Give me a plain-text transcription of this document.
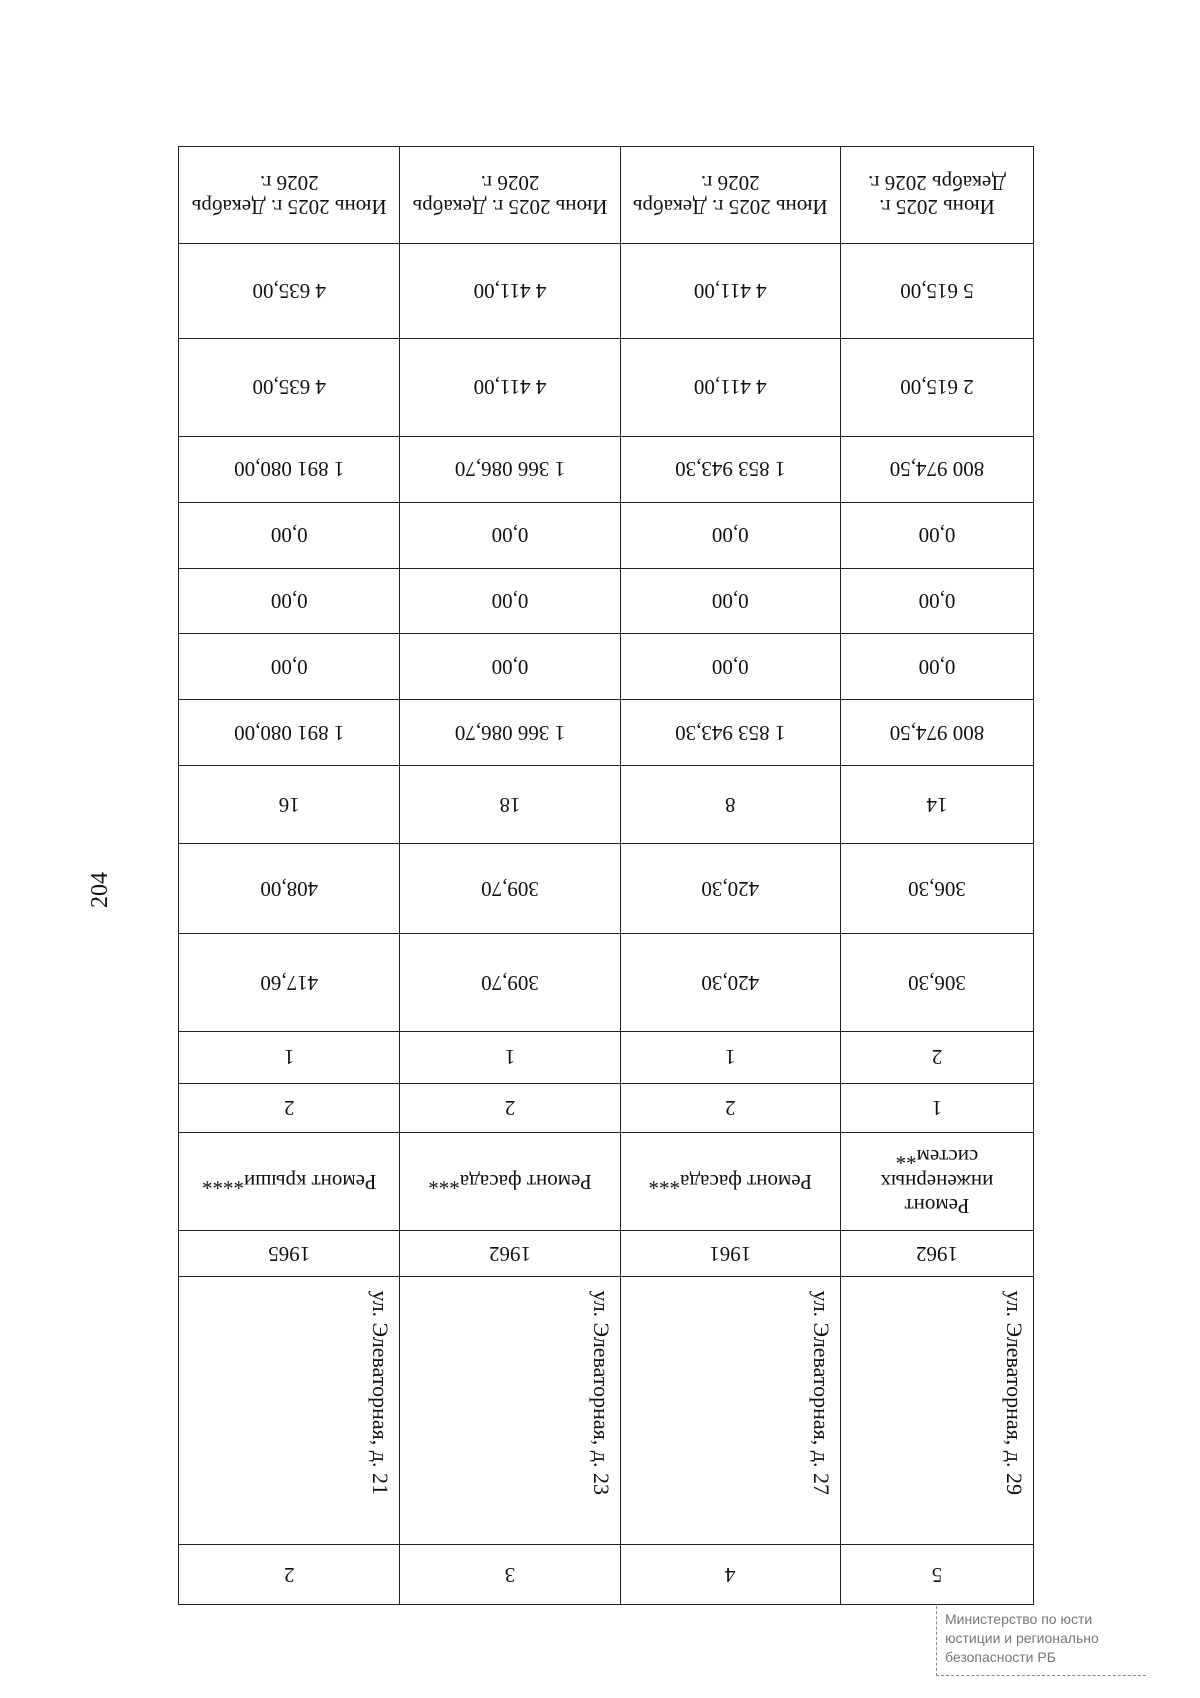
204
5	4	3	2
ул. Элеваторная, д. 29	ул. Элеваторная, д. 27	ул. Элеваторная, д. 23	ул. Элеваторная, д. 21
1962	1961	1962	1965
Ремонт инженерных систем**	Ремонт фасада***	Ремонт фасада***	Ремонт крыши****
1	2	2	2
2	1	1	1
306,30	420,30	309,70	417,60
306,30	420,30	309,70	408,00
14	8	18	16
800 974,50	1 853 943,30	1 366 086,70	1 891 080,00
0,00	0,00	0,00	0,00
0,00	0,00	0,00	0,00
0,00	0,00	0,00	0,00
800 974,50	1 853 943,30	1 366 086,70	1 891 080,00
2 615,00	4 411,00	4 411,00	4 635,00
5 615,00	4 411,00	4 411,00	4 635,00
Июнь 2025 г. Декабрь 2026 г.	Июнь 2025 г. Декабрь 2026 г.	Июнь 2025 г. Декабрь 2026 г.	Июнь 2025 г. Декабрь 2026 г.
Министерство по юсти
юстиции и регионально
безопасности РБ
